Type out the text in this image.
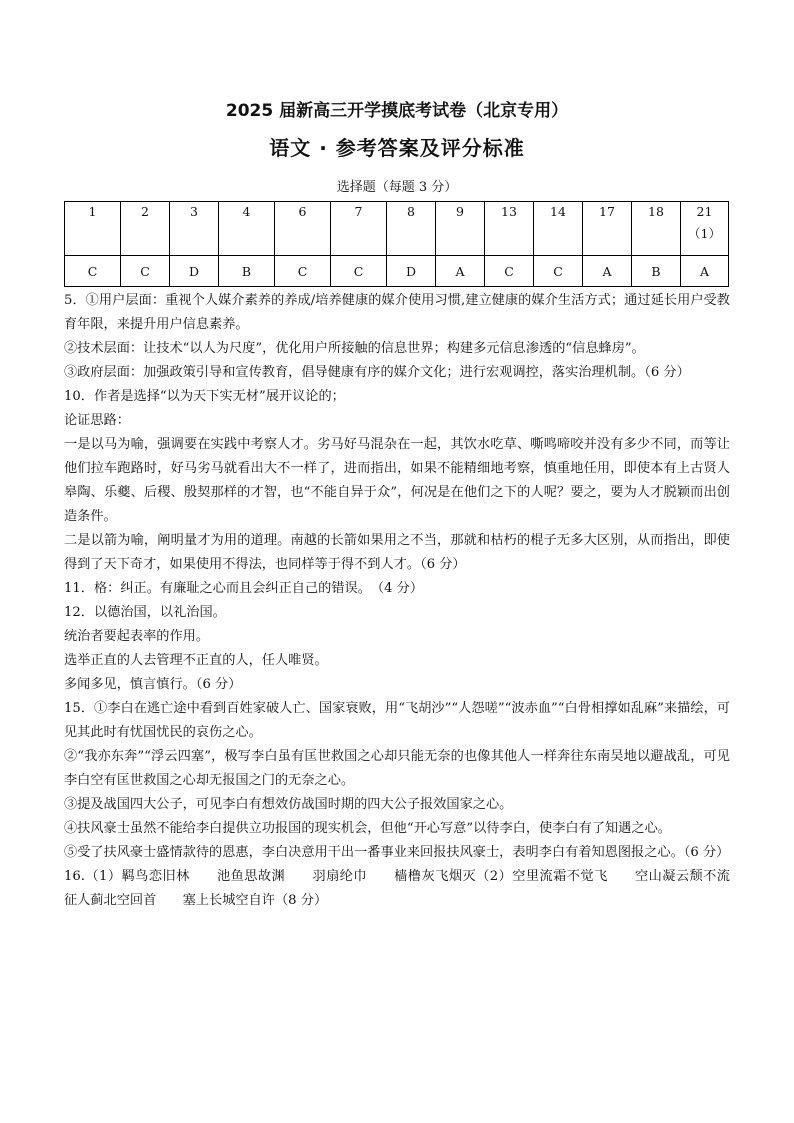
2025 届新高三开学摸底考试卷（北京专用）
语文 · 参考答案及评分标准
选择题（每题 3 分）
1	2	3	4	6	7	8	9	13	14	17	18	21
（1）

C	C	D	B	C	C	D	A	C	C	A	B	A

5．①用户层面：重视个人媒介素养的养成/培养健康的媒介使用习惯,建立健康的媒介生活方式；通过延长用户受教育年限，来提升用户信息素养。

②技术层面：让技术“以人为尺度”，优化用户所接触的信息世界；构建多元信息渗透的“信息蜂房”。

③政府层面：加强政策引导和宣传教育，倡导健康有序的媒介文化；进行宏观调控，落实治理机制。（6 分）

10．作者是选择“以为天下实无材”展开议论的；

论证思路：

一是以马为喻，强调要在实践中考察人才。劣马好马混杂在一起，其饮水吃草、嘶鸣啼咬并没有多少不同，而等让他们拉车跑路时，好马劣马就看出大不一样了，进而指出，如果不能精细地考察，慎重地任用，即使本有上古贤人皋陶、乐夔、后稷、殷契那样的才智，也“不能自异于众”，何况是在他们之下的人呢？要之，要为人才脱颖而出创造条件。

二是以箭为喻，阐明量才为用的道理。南越的长箭如果用之不当，那就和枯朽的棍子无多大区别，从而指出，即使得到了天下奇才，如果使用不得法，也同样等于得不到人才。（6 分）

11．格：纠正。有廉耻之心而且会纠正自己的错误。　（4 分）

12．以德治国，以礼治国。

统治者要起表率的作用。

选举正直的人去管理不正直的人，任人唯贤。

多闻多见，慎言慎行。（6 分）

15．①李白在逃亡途中看到百姓家破人亡、国家衰败，用“飞胡沙”“人怨嗟”“波赤血”“白骨相撑如乱麻”来描绘，可见其此时有忧国忧民的哀伤之心。

②“我亦东奔”“浮云四塞”，极写李白虽有匡世救国之心却只能无奈的也像其他人一样奔往东南吴地以避战乱，可见李白空有匡世救国之心却无报国之门的无奈之心。

③提及战国四大公子，可见李白有想效仿战国时期的四大公子报效国家之心。

④扶风豪士虽然不能给李白提供立功报国的现实机会，但他“开心写意”以待李白，使李白有了知遇之心。

⑤受了扶风豪士盛情款待的恩惠，李白决意用干出一番事业来回报扶风豪士，表明李白有着知恩图报之心。（6 分）

16.（1）羁鸟恋旧林　　池鱼思故渊　　羽扇纶巾　　樯橹灰飞烟灭（2）空里流霜不觉飞　　空山凝云颓不流　　征人蓟北空回首　　塞上长城空自许（8 分）
